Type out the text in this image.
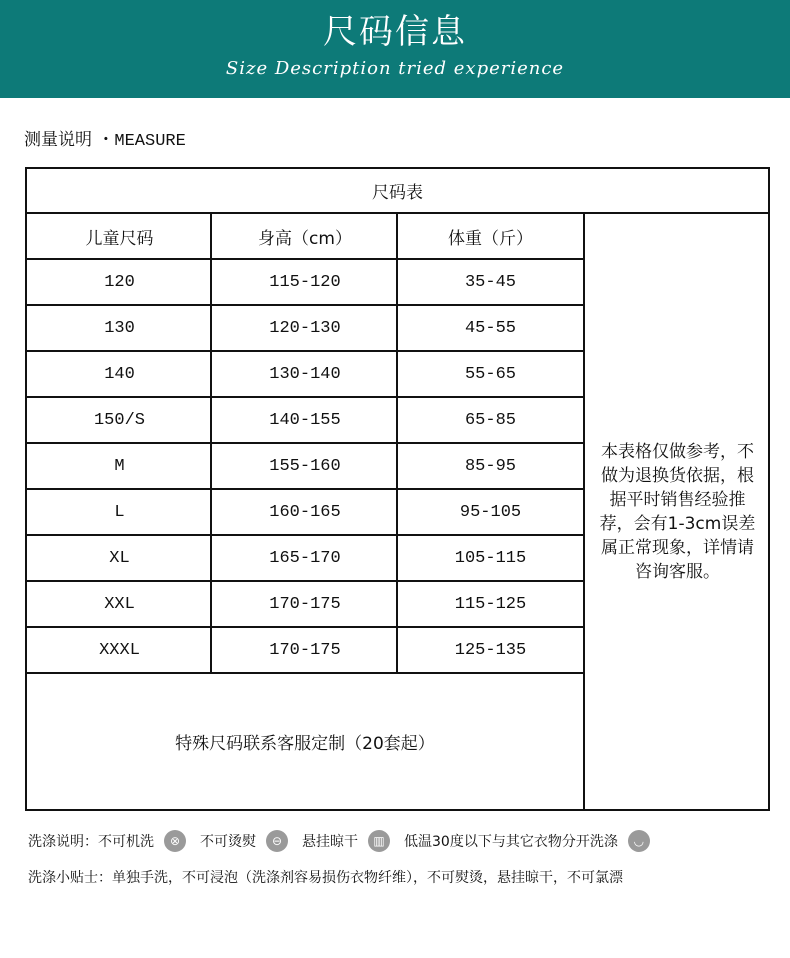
尺码信息
Size Description tried experience
测量说明 ・MEASURE
尺码表
儿童尺码	身高（cm）	体重（斤）
120	115-120	35-45
130	120-130	45-55
140	130-140	55-65
150/S	140-155	65-85
M	155-160	85-95
L	160-165	95-105
XL	165-170	105-115
XXL	170-175	115-125
XXXL	170-175	125-135
本表格仅做参考，不做为退换货依据，根据平时销售经验推荐，会有1-3cm误差属正常现象，详情请咨询客服。
特殊尺码联系客服定制（20套起）
洗涤说明： 不可机洗	⊗	不可烫熨	⊖	悬挂晾干	▥	低温30度以下与其它衣物分开洗涤	◡
洗涤小贴士：单独手洗，不可浸泡（洗涤剂容易损伤衣物纤维），不可熨烫，悬挂晾干，不可氯漂
